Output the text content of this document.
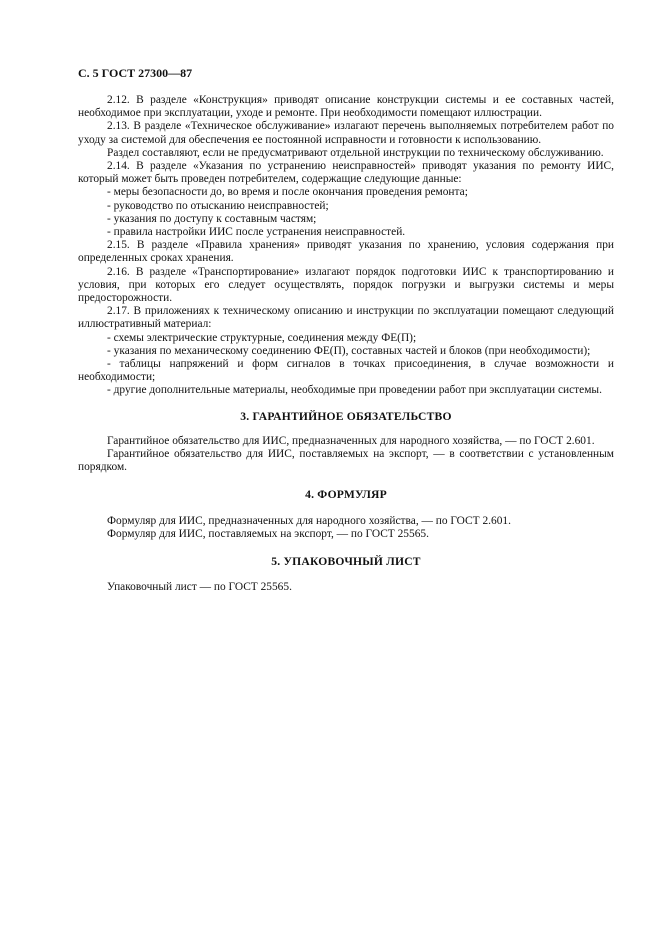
С. 5 ГОСТ 27300—87

2.12. В разделе «Конструкция» приводят описание конструкции системы и ее составных частей, необходимое при эксплуатации, уходе и ремонте. При необходимости помещают иллюстрации.

2.13. В разделе «Техническое обслуживание» излагают перечень выполняемых потребителем работ по уходу за системой для обеспечения ее постоянной исправности и готовности к использованию.

Раздел составляют, если не предусматривают отдельной инструкции по техническому обслуживанию.

2.14. В разделе «Указания по устранению неисправностей» приводят указания по ремонту ИИС, который может быть проведен потребителем, содержащие следующие данные:

- меры безопасности до, во время и после окончания проведения ремонта;

- руководство по отысканию неисправностей;

- указания по доступу к составным частям;

- правила настройки ИИС после устранения неисправностей.

2.15. В разделе «Правила хранения» приводят указания по хранению, условия содержания при определенных сроках хранения.

2.16. В разделе «Транспортирование» излагают порядок подготовки ИИС к транспортированию и условия, при которых его следует осуществлять, порядок погрузки и выгрузки системы и меры предосторожности.

2.17. В приложениях к техническому описанию и инструкции по эксплуатации помещают следующий иллюстративный материал:

- схемы электрические структурные, соединения между ФЕ(П);

- указания по механическому соединению ФЕ(П), составных частей и блоков (при необходимости);

- таблицы напряжений и форм сигналов в точках присоединения, в случае возможности и необходимости;

- другие дополнительные материалы, необходимые при проведении работ при эксплуатации системы.

3. ГАРАНТИЙНОЕ ОБЯЗАТЕЛЬСТВО

Гарантийное обязательство для ИИС, предназначенных для народного хозяйства, — по ГОСТ 2.601.

Гарантийное обязательство для ИИС, поставляемых на экспорт, — в соответствии с установленным порядком.

4. ФОРМУЛЯР

Формуляр для ИИС, предназначенных для народного хозяйства, — по ГОСТ 2.601.

Формуляр для ИИС, поставляемых на экспорт, — по ГОСТ 25565.

5. УПАКОВОЧНЫЙ ЛИСТ

Упаковочный лист — по ГОСТ 25565.
